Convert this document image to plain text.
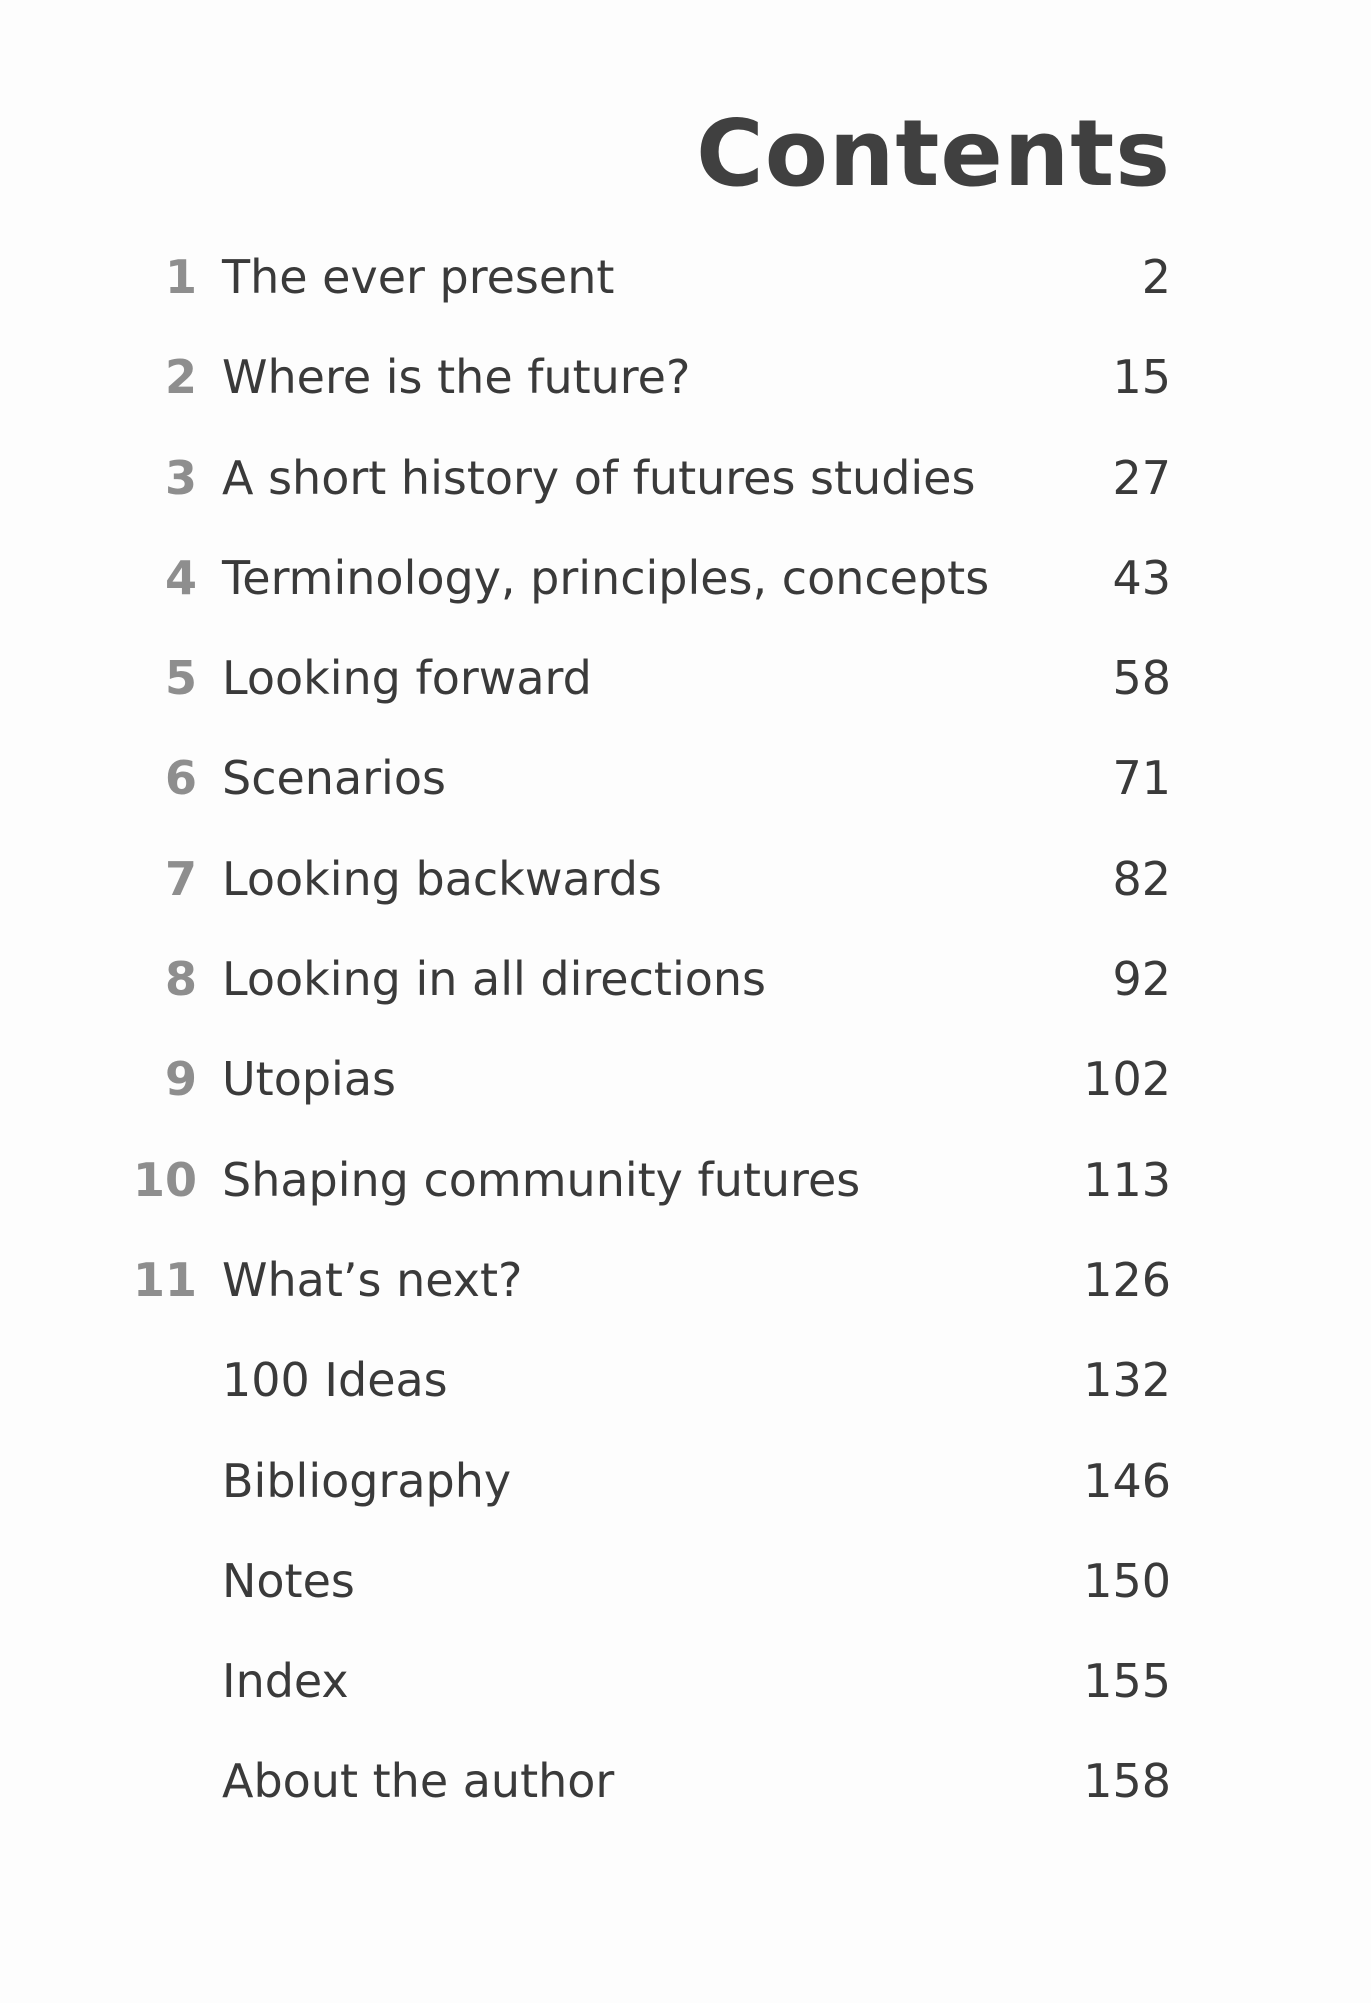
Contents
1 The ever present	2
2 Where is the future?	15
3 A short history of futures studies	27
4 Terminology, principles, concepts	43
5 Looking forward	58
6 Scenarios	71
7 Looking backwards	82
8 Looking in all directions	92
9 Utopias	102
10 Shaping community futures	113
11 What’s next?	126
100 Ideas	132
Bibliography	146
Notes	150
Index	155
About the author	158
